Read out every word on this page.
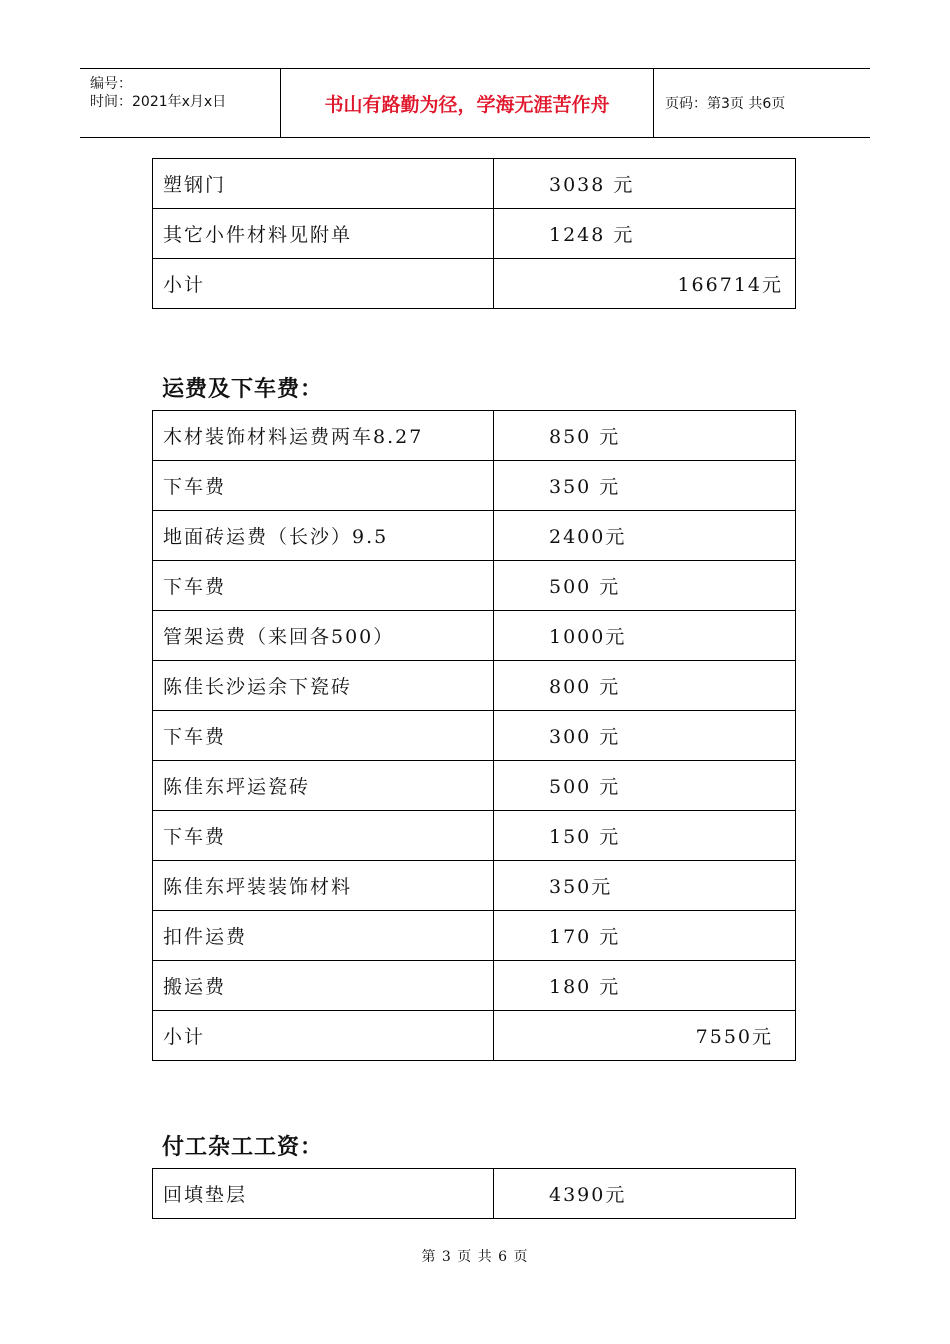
编号：
时间：2021年x月x日	书山有路勤为径，学海无涯苦作舟	页码：第3页 共6页
塑钢门	3038 元
其它小件材料见附单	1248 元
小计	166714元
运费及下车费：
木材装饰材料运费两车8.27	850 元
下车费	350 元
地面砖运费（长沙）9.5	2400元
下车费	500 元
管架运费（来回各500）	1000元
陈佳长沙运余下瓷砖	800 元
下车费	300 元
陈佳东坪运瓷砖	500 元
下车费	150 元
陈佳东坪装装饰材料	350元
扣件运费	170 元
搬运费	180 元
小计	7550元
付工杂工工资：
回填垫层	4390元
第 3 页 共 6 页
